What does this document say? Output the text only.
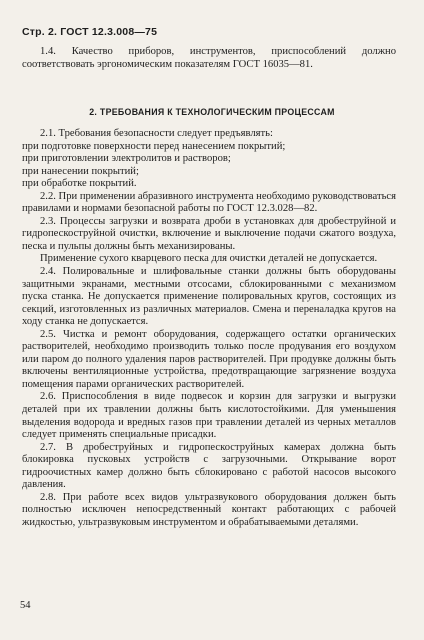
Стр. 2. ГОСТ 12.3.008—75

1.4. Качество приборов, инструментов, приспособлений должно соответствовать эргономическим показателям ГОСТ 16035—81.

2. ТРЕБОВАНИЯ К ТЕХНОЛОГИЧЕСКИМ ПРОЦЕССАМ

2.1. Требования безопасности следует предъявлять:

при подготовке поверхности перед нанесением покрытий;

при приготовлении электролитов и растворов;

при нанесении покрытий;

при обработке покрытий.

2.2. При применении абразивного инструмента необходимо руководствоваться правилами и нормами безопасной работы по ГОСТ 12.3.028—82.

2.3. Процессы загрузки и возврата дроби в установках для дробеструйной и гидропескоструйной очистки, включение и выключение подачи сжатого воздуха, песка и пульпы должны быть механизированы.

Применение сухого кварцевого песка для очистки деталей не допускается.

2.4. Полировальные и шлифовальные станки должны быть оборудованы защитными экранами, местными отсосами, сблокированными с механизмом пуска станка. Не допускается применение полировальных кругов, состоящих из секций, изготовленных из различных материалов. Смена и переналадка кругов на ходу станка не допускается.

2.5. Чистка и ремонт оборудования, содержащего остатки органических растворителей, необходимо производить только после продувания его воздухом или паром до полного удаления паров растворителей. При продувке должны быть включены вентиляционные устройства, предотвращающие загрязнение воздуха помещения парами органических растворителей.

2.6. Приспособления в виде подвесок и корзин для загрузки и выгрузки деталей при их травлении должны быть кислотостойкими. Для уменьшения выделения водорода и вредных газов при травлении деталей из черных металлов следует применять специальные присадки.

2.7. В дробеструйных и гидропескоструйных камерах должна быть блокировка пусковых устройств с загрузочными. Открывание ворот гидроочистных камер должно быть сблокировано с работой насосов высокого давления.

2.8. При работе всех видов ультразвукового оборудования должен быть полностью исключен непосредственный контакт работающих с рабочей жидкостью, ультразвуковым инструментом и обрабатываемыми деталями.

54
